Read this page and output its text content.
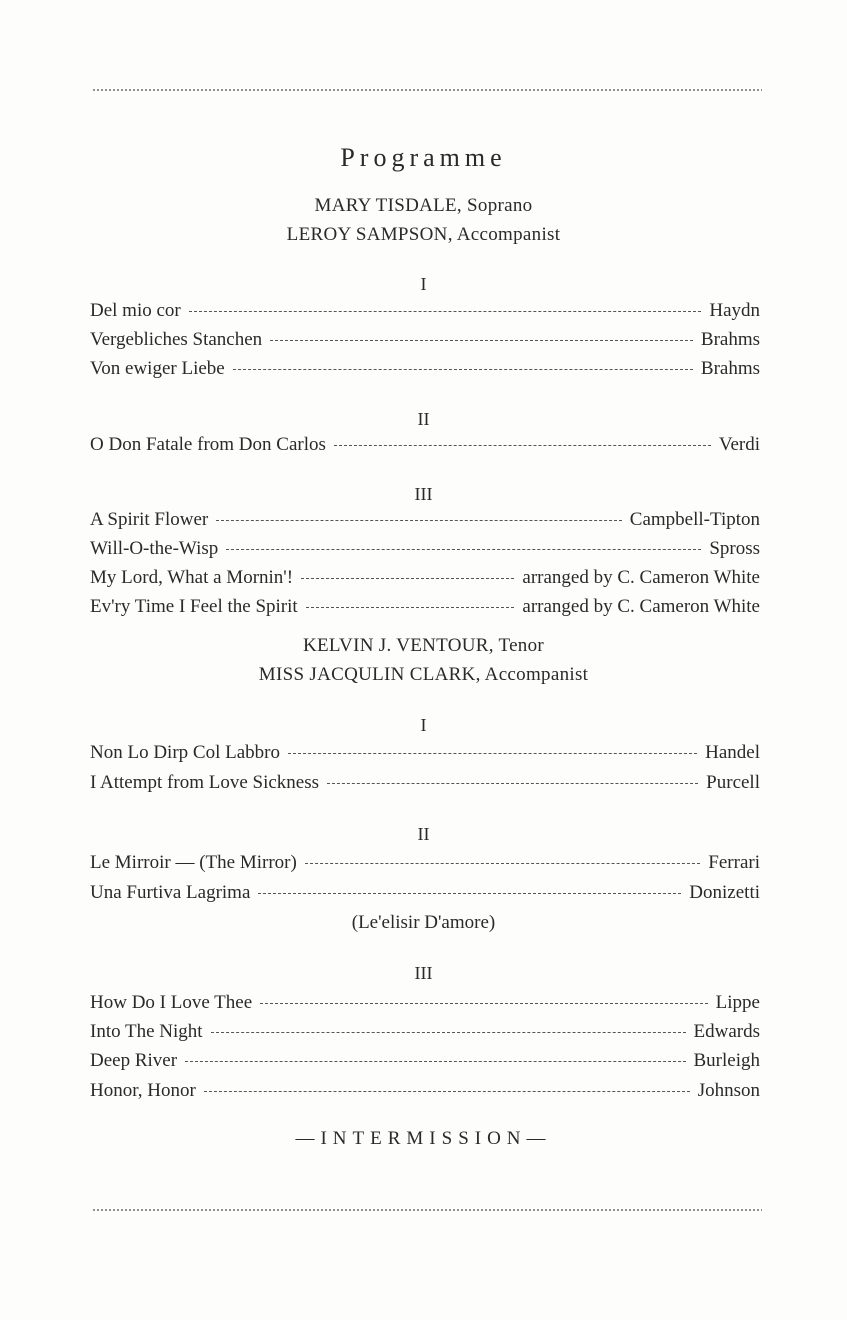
Programme
MARY TISDALE, Soprano
LEROY SAMPSON, Accompanist
I
Del mio cor	Haydn
Vergebliches Stanchen	Brahms
Von ewiger Liebe	Brahms
II
O Don Fatale from Don Carlos	Verdi
III
A Spirit Flower	Campbell-Tipton
Will-O-the-Wisp	Spross
My Lord, What a Mornin'!	arranged by C. Cameron White
Ev'ry Time I Feel the Spirit	arranged by C. Cameron White
KELVIN J. VENTOUR, Tenor
MISS JACQULIN CLARK, Accompanist
I
Non Lo Dirp Col Labbro	Handel
I Attempt from Love Sickness	Purcell
II
Le Mirroir — (The Mirror)	Ferrari
Una Furtiva Lagrima	Donizetti
(Le'elisir D'amore)
III
How Do I Love Thee	Lippe
Into The Night	Edwards
Deep River	Burleigh
Honor, Honor	Johnson
—INTERMISSION—
